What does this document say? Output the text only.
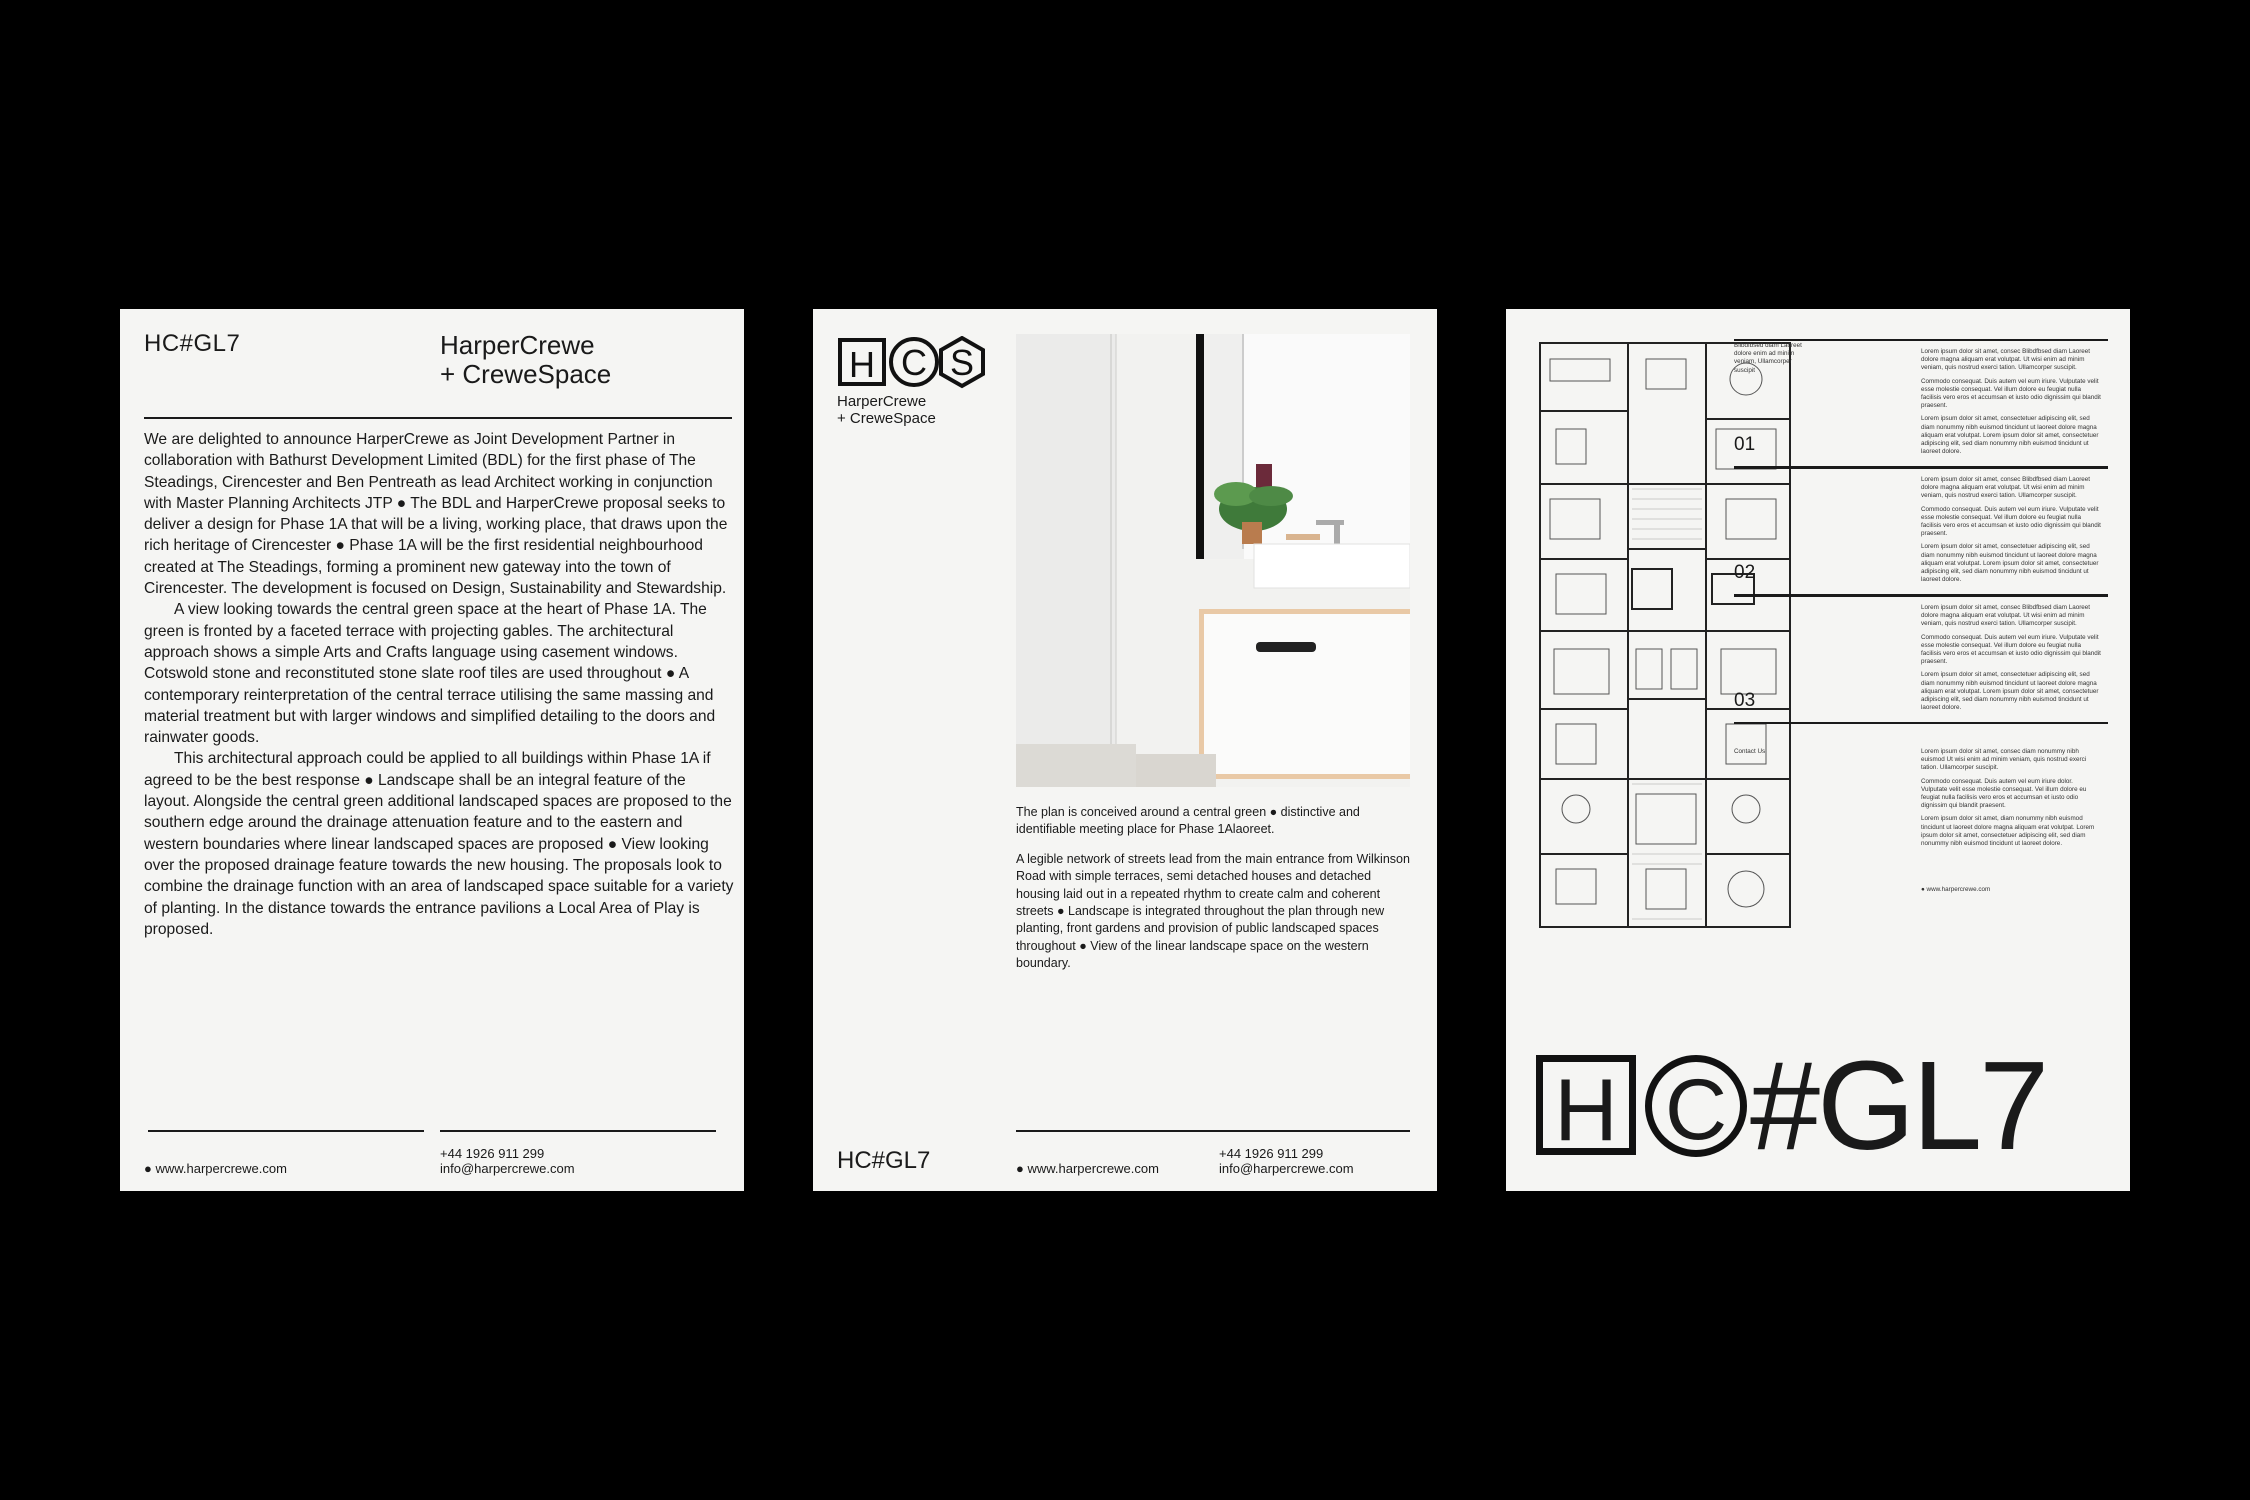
HC#GL7	HarperCrewe
+ CreweSpace

We are delighted to announce HarperCrewe as Joint Development Partner in collaboration with Bathurst Development Limited (BDL) for the first phase of The Steadings, Cirencester and Ben Pentreath as lead Architect working in conjunction with Master Planning Architects JTP ● The BDL and HarperCrewe proposal seeks to deliver a design for Phase 1A that will be a living, working place, that draws upon the rich heritage of Cirencester ● Phase 1A will be the first residential neighbourhood created at The Steadings, forming a prominent new gateway into the town of Cirencester. The development is focused on Design, Sustainability and Stewardship.

A view looking towards the central green space at the heart of Phase 1A. The green is fronted by a faceted terrace with projecting gables. The architectural approach shows a simple Arts and Crafts language using casement windows. Cotswold stone and reconstituted stone slate roof tiles are used throughout ● A contemporary reinterpretation of the central terrace utilising the same massing and material treatment but with larger windows and simplified detailing to the doors and rainwater goods.

This architectural approach could be applied to all buildings within Phase 1A if agreed to be the best response ● Landscape shall be an integral feature of the layout. Alongside the central green additional landscaped spaces are proposed to the southern edge around the drainage attenuation feature and to the eastern and western boundaries where linear landscaped spaces are proposed ● View looking over the proposed drainage feature towards the new housing. The proposals look to combine the drainage function with an area of landscaped space suitable for a variety of planting. In the distance towards the entrance pavilions a Local Area of Play is proposed.

● www.harpercrewe.com
+44 1926 911 299
info@harpercrewe.com
H C S
HarperCrewe
+ CreweSpace

The plan is conceived around a central green ● distinctive and identifiable meeting place for Phase 1Alaoreet.

A legible network of streets lead from the main entrance from Wilkinson Road with simple terraces, semi detached houses and detached housing laid out in a repeated rhythm to create calm and coherent streets ● Landscape is integrated throughout the plan through new planting, front gardens and provision of public landscaped spaces throughout ● View of the linear landscape space on the western boundary.

HC#GL7	● www.harpercrewe.com
+44 1926 911 299
info@harpercrewe.com
Blibdfbsed diam Laoreet dolore enim ad minim veniam, Ullamcorper suscipit
01

Lorem ipsum dolor sit amet, consec Blibdfbsed diam Laoreet dolore magna aliquam erat volutpat. Ut wisi enim ad minim veniam, quis nostrud exerci tation. Ullamcorper suscipit.

Commodo consequat. Duis autem vel eum iriure. Vulputate velit esse molestie consequat. Vel illum dolore eu feugiat nulla facilisis vero eros et accumsan et iusto odio dignissim qui blandit praesent.

Lorem ipsum dolor sit amet, consectetuer adipiscing elit, sed diam nonummy nibh euismod tincidunt ut laoreet dolore magna aliquam erat volutpat. Lorem ipsum dolor sit amet, consectetuer adipiscing elit, sed diam nonummy nibh euismod tincidunt ut laoreet dolore.

02

Lorem ipsum dolor sit amet, consec Blibdfbsed diam Laoreet dolore magna aliquam erat volutpat. Ut wisi enim ad minim veniam, quis nostrud exerci tation. Ullamcorper suscipit.

Commodo consequat. Duis autem vel eum iriure. Vulputate velit esse molestie consequat. Vel illum dolore eu feugiat nulla facilisis vero eros et accumsan et iusto odio dignissim qui blandit praesent.

Lorem ipsum dolor sit amet, consectetuer adipiscing elit, sed diam nonummy nibh euismod tincidunt ut laoreet dolore magna aliquam erat volutpat. Lorem ipsum dolor sit amet, consectetuer adipiscing elit, sed diam nonummy nibh euismod tincidunt ut laoreet dolore.

03

Lorem ipsum dolor sit amet, consec Blibdfbsed diam Laoreet dolore magna aliquam erat volutpat. Ut wisi enim ad minim veniam, quis nostrud exerci tation. Ullamcorper suscipit.

Commodo consequat. Duis autem vel eum iriure. Vulputate velit esse molestie consequat. Vel illum dolore eu feugiat nulla facilisis vero eros et accumsan et iusto odio dignissim qui blandit praesent.

Lorem ipsum dolor sit amet, consectetuer adipiscing elit, sed diam nonummy nibh euismod tincidunt ut laoreet dolore magna aliquam erat volutpat. Lorem ipsum dolor sit amet, consectetuer adipiscing elit, sed diam nonummy nibh euismod tincidunt ut laoreet dolore.

Contact Us	Lorem ipsum dolor sit amet, consec diam nonummy nibh euismod Ut wisi enim ad minim veniam, quis nostrud exerci tation. Ullamcorper suscipit.

Commodo consequat. Duis autem vel eum iriure dolor. Vulputate velit esse molestie consequat. Vel illum dolore eu feugiat nulla facilisis vero eros et accumsan et iusto odio dignissim qui blandit praesent.

Lorem ipsum dolor sit amet, diam nonummy nibh euismod tincidunt ut laoreet dolore magna aliquam erat volutpat. Lorem ipsum dolor sit amet, consectetuer adipiscing elit, sed diam nonummy nibh euismod tincidunt ut laoreet dolore.

● www.harpercrewe.com
H C #GL7
